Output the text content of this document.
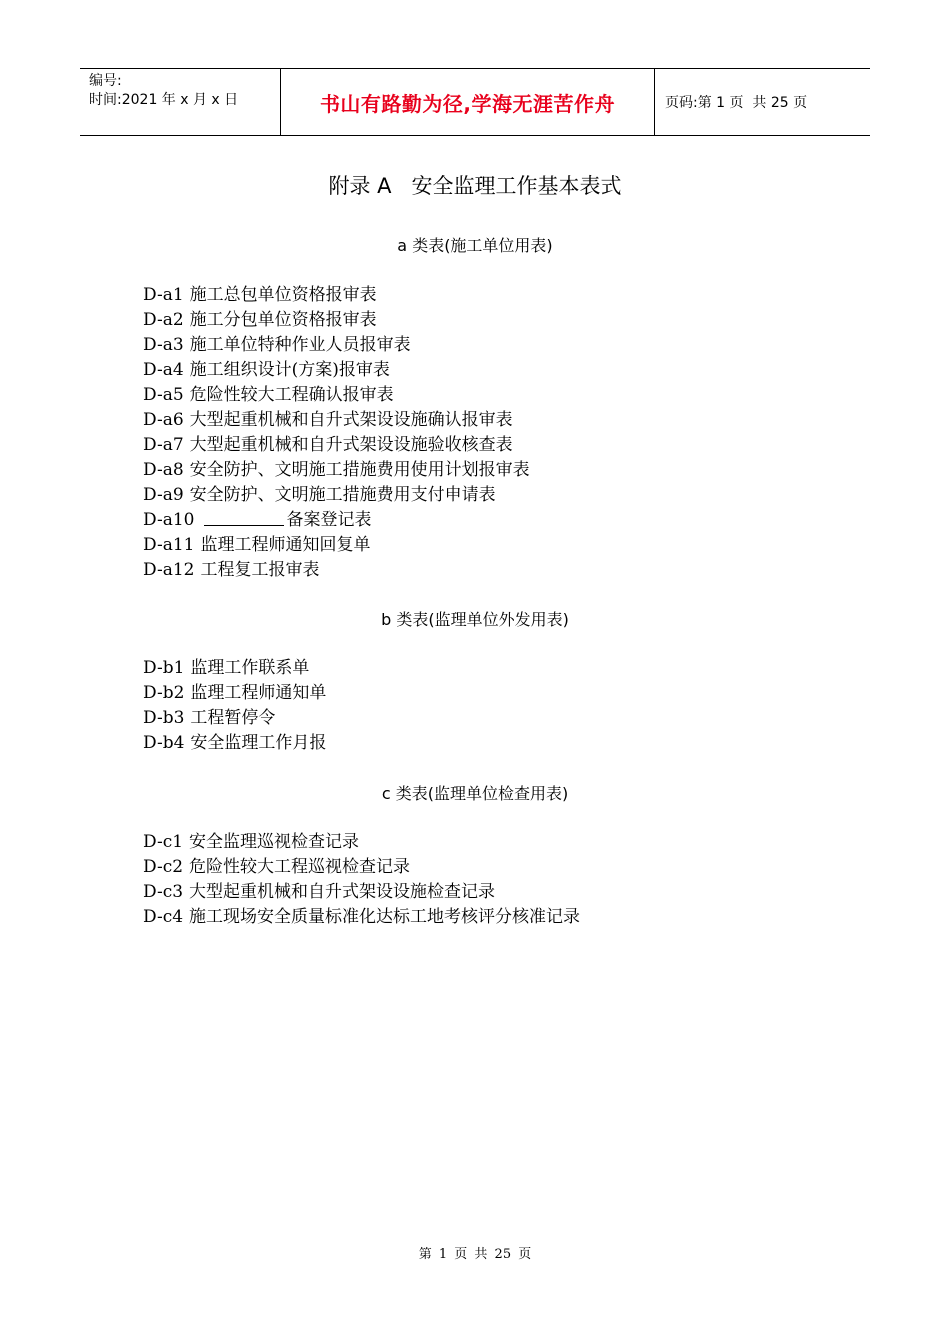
编号:
时间:2021 年 x 月 x 日	书山有路勤为径,学海无涯苦作舟	页码:第 1 页  共 25 页
附录 A   安全监理工作基本表式
a 类表(施工单位用表)
D-a1 施工总包单位资格报审表
D-a2 施工分包单位资格报审表
D-a3 施工单位特种作业人员报审表
D-a4 施工组织设计(方案)报审表
D-a5 危险性较大工程确认报审表
D-a6 大型起重机械和自升式架设设施确认报审表
D-a7 大型起重机械和自升式架设设施验收核查表
D-a8 安全防护、文明施工措施费用使用计划报审表
D-a9 安全防护、文明施工措施费用支付申请表
D-a10	备案登记表
D-a11 监理工程师通知回复单
D-a12 工程复工报审表
b 类表(监理单位外发用表)
D-b1 监理工作联系单
D-b2 监理工程师通知单
D-b3 工程暂停令
D-b4 安全监理工作月报
c 类表(监理单位检查用表)
D-c1 安全监理巡视检查记录
D-c2 危险性较大工程巡视检查记录
D-c3 大型起重机械和自升式架设设施检查记录
D-c4 施工现场安全质量标准化达标工地考核评分核准记录
第 1 页 共 25 页
